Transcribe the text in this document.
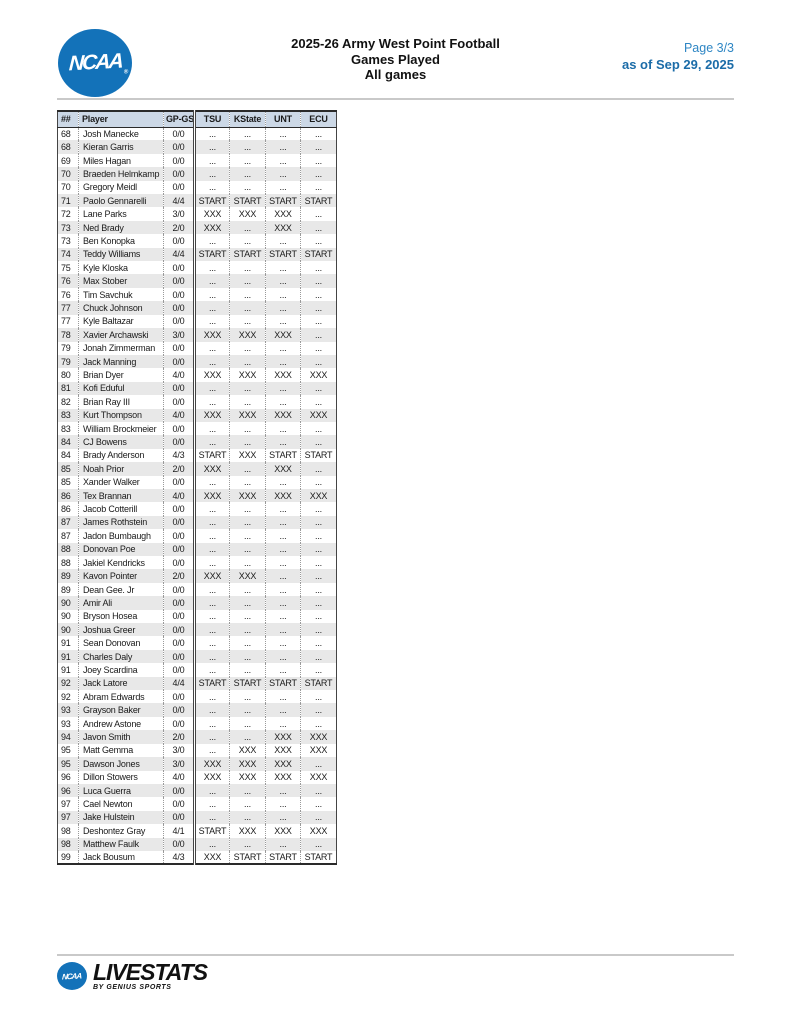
NCAA ®
2025-26 Army West Point Football
Games Played
All games
Page 3/3
as of Sep 29, 2025
##	Player	GP-GS	TSU	KState	UNT	ECU
68	Josh Manecke	0/0	...	...	...	...
68	Kieran Garris	0/0	...	...	...	...
69	Miles Hagan	0/0	...	...	...	...
70	Braeden Helmkamp	0/0	...	...	...	...
70	Gregory Meidl	0/0	...	...	...	...
71	Paolo Gennarelli	4/4	START	START	START	START
72	Lane Parks	3/0	XXX	XXX	XXX	...
73	Ned Brady	2/0	XXX	...	XXX	...
73	Ben Konopka	0/0	...	...	...	...
74	Teddy Williams	4/4	START	START	START	START
75	Kyle Kloska	0/0	...	...	...	...
76	Max Stober	0/0	...	...	...	...
76	Tim Savchuk	0/0	...	...	...	...
77	Chuck Johnson	0/0	...	...	...	...
77	Kyle Baltazar	0/0	...	...	...	...
78	Xavier Archawski	3/0	XXX	XXX	XXX	...
79	Jonah Zimmerman	0/0	...	...	...	...
79	Jack Manning	0/0	...	...	...	...
80	Brian Dyer	4/0	XXX	XXX	XXX	XXX
81	Kofi Eduful	0/0	...	...	...	...
82	Brian Ray III	0/0	...	...	...	...
83	Kurt Thompson	4/0	XXX	XXX	XXX	XXX
83	William Brockmeier	0/0	...	...	...	...
84	CJ Bowens	0/0	...	...	...	...
84	Brady Anderson	4/3	START	XXX	START	START
85	Noah Prior	2/0	XXX	...	XXX	...
85	Xander Walker	0/0	...	...	...	...
86	Tex Brannan	4/0	XXX	XXX	XXX	XXX
86	Jacob Cotterill	0/0	...	...	...	...
87	James Rothstein	0/0	...	...	...	...
87	Jadon Bumbaugh	0/0	...	...	...	...
88	Donovan Poe	0/0	...	...	...	...
88	Jakiel Kendricks	0/0	...	...	...	...
89	Kavon Pointer	2/0	XXX	XXX	...	...
89	Dean Gee. Jr	0/0	...	...	...	...
90	Amir Ali	0/0	...	...	...	...
90	Bryson Hosea	0/0	...	...	...	...
90	Joshua Greer	0/0	...	...	...	...
91	Sean Donovan	0/0	...	...	...	...
91	Charles Daly	0/0	...	...	...	...
91	Joey Scardina	0/0	...	...	...	...
92	Jack Latore	4/4	START	START	START	START
92	Abram Edwards	0/0	...	...	...	...
93	Grayson Baker	0/0	...	...	...	...
93	Andrew Astone	0/0	...	...	...	...
94	Javon Smith	2/0	...	...	XXX	XXX
95	Matt Gemma	3/0	...	XXX	XXX	XXX
95	Dawson Jones	3/0	XXX	XXX	XXX	...
96	Dillon Stowers	4/0	XXX	XXX	XXX	XXX
96	Luca Guerra	0/0	...	...	...	...
97	Cael Newton	0/0	...	...	...	...
97	Jake Hulstein	0/0	...	...	...	...
98	Deshontez Gray	4/1	START	XXX	XXX	XXX
98	Matthew Faulk	0/0	...	...	...	...
99	Jack Bousum	4/3	XXX	START	START	START
NCAA LIVESTATS
BY GENIUS SPORTS
